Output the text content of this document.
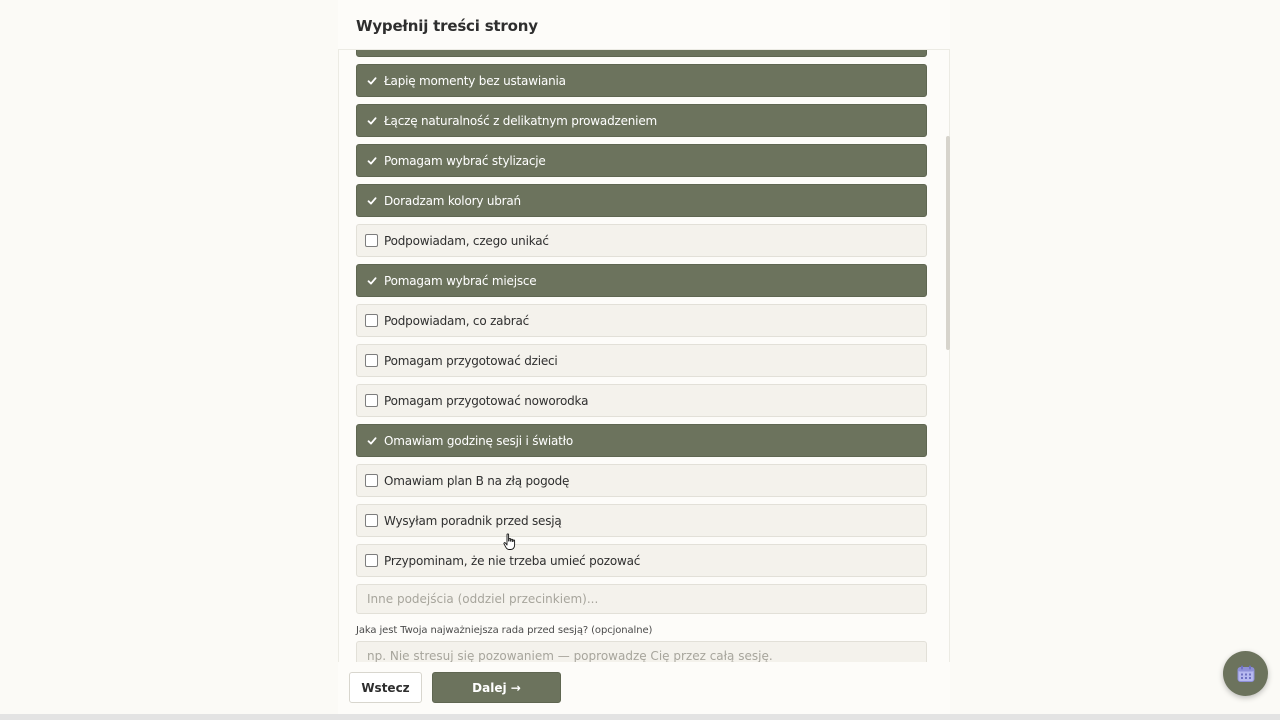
Wypełnij treści strony
Łapię momenty bez ustawiania
Łączę naturalność z delikatnym prowadzeniem
Pomagam wybrać stylizacje
Doradzam kolory ubrań
Podpowiadam, czego unikać
Pomagam wybrać miejsce
Podpowiadam, co zabrać
Pomagam przygotować dzieci
Pomagam przygotować noworodka
Omawiam godzinę sesji i światło
Omawiam plan B na złą pogodę
Wysyłam poradnik przed sesją
Przypominam, że nie trzeba umieć pozować
Inne podejścia (oddziel przecinkiem)...
Jaka jest Twoja najważniejsza rada przed sesją? (opcjonalne)
np. Nie stresuj się pozowaniem — poprowadzę Cię przez całą sesję.
Wstecz	Dalej →
